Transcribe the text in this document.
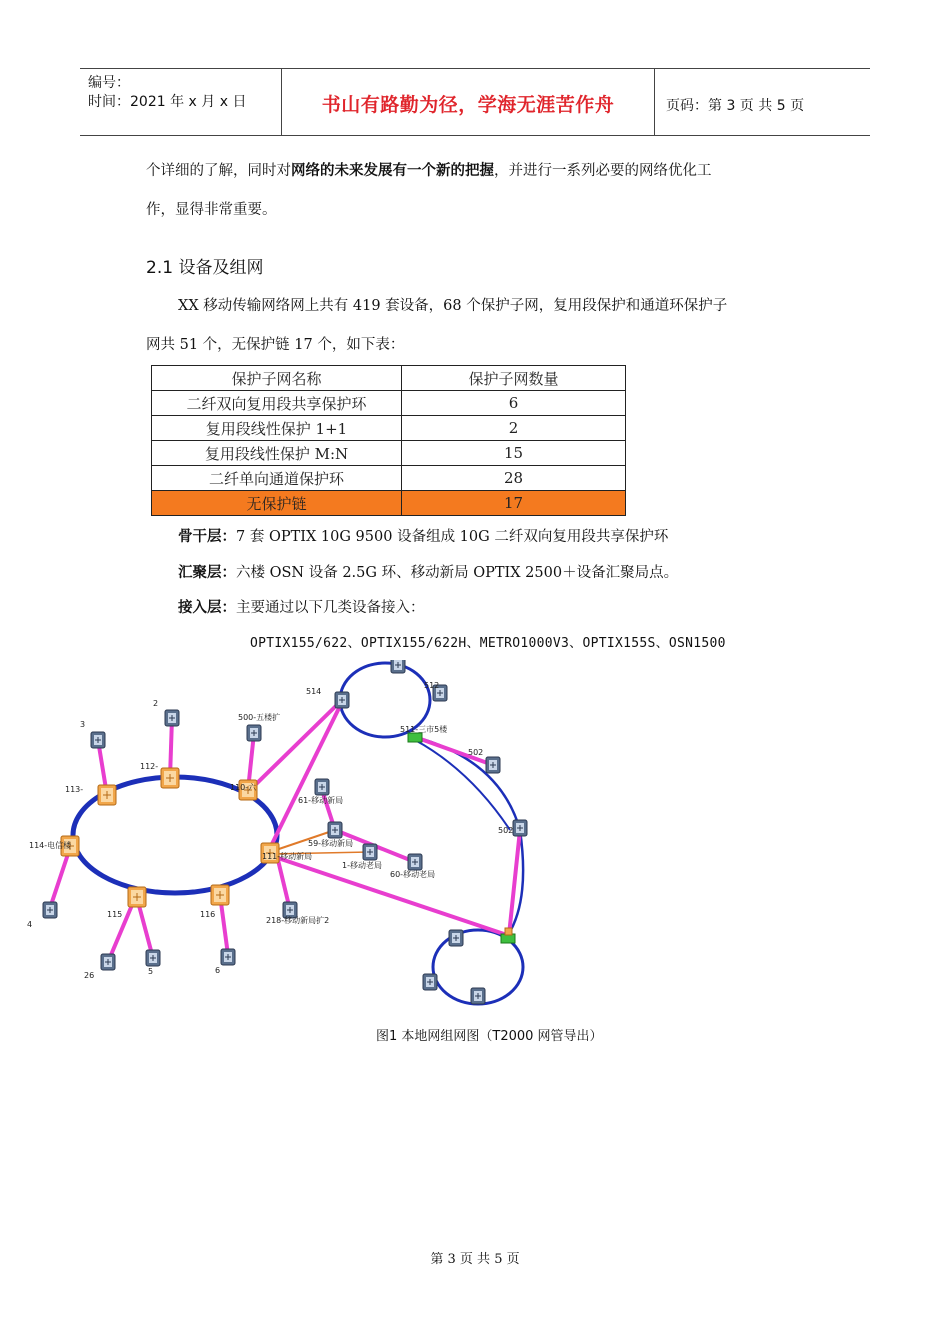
编号：
时间：2021 年 x 月 x 日	书山有路勤为径，学海无涯苦作舟	页码：第 3 页 共 5 页
个详细的了解，同时对网络的未来发展有一个新的把握，并进行一系列必要的网络优化工
作，显得非常重要。
2.1 设备及组网
XX 移动传输网络网上共有 419 套设备，68 个保护子网，复用段保护和通道环保护子
网共 51 个，无保护链 17 个，如下表：
保护子网名称	保护子网数量
二纤双向复用段共享保护环	6
复用段线性保护 1+1	2
复用段线性保护 M:N	15
二纤单向通道保护环	28
无保护链	17
骨干层：7 套 OPTIX 10G 9500 设备组成 10G 二纤双向复用段共享保护环
汇聚层：六楼 OSN 设备 2.5G 环、移动新局 OPTIX 2500＋设备汇聚局点。
接入层：主要通过以下几类设备接入：
OPTIX155/622、OPTIX155/622H、METRO1000V3、OPTIX155S、OSN1500
2
3
4
5	6
26
112-
113-
114-电信楼
115	116
110-六
500-五楼扩
514
512
511-三市5楼
502
502
61-移动新局
59-移动新局
1-移动老局
60-移动老局
111-移动新局
218-移动新局扩2
图1 本地网组网图（T2000 网管导出）
第 3 页 共 5 页
